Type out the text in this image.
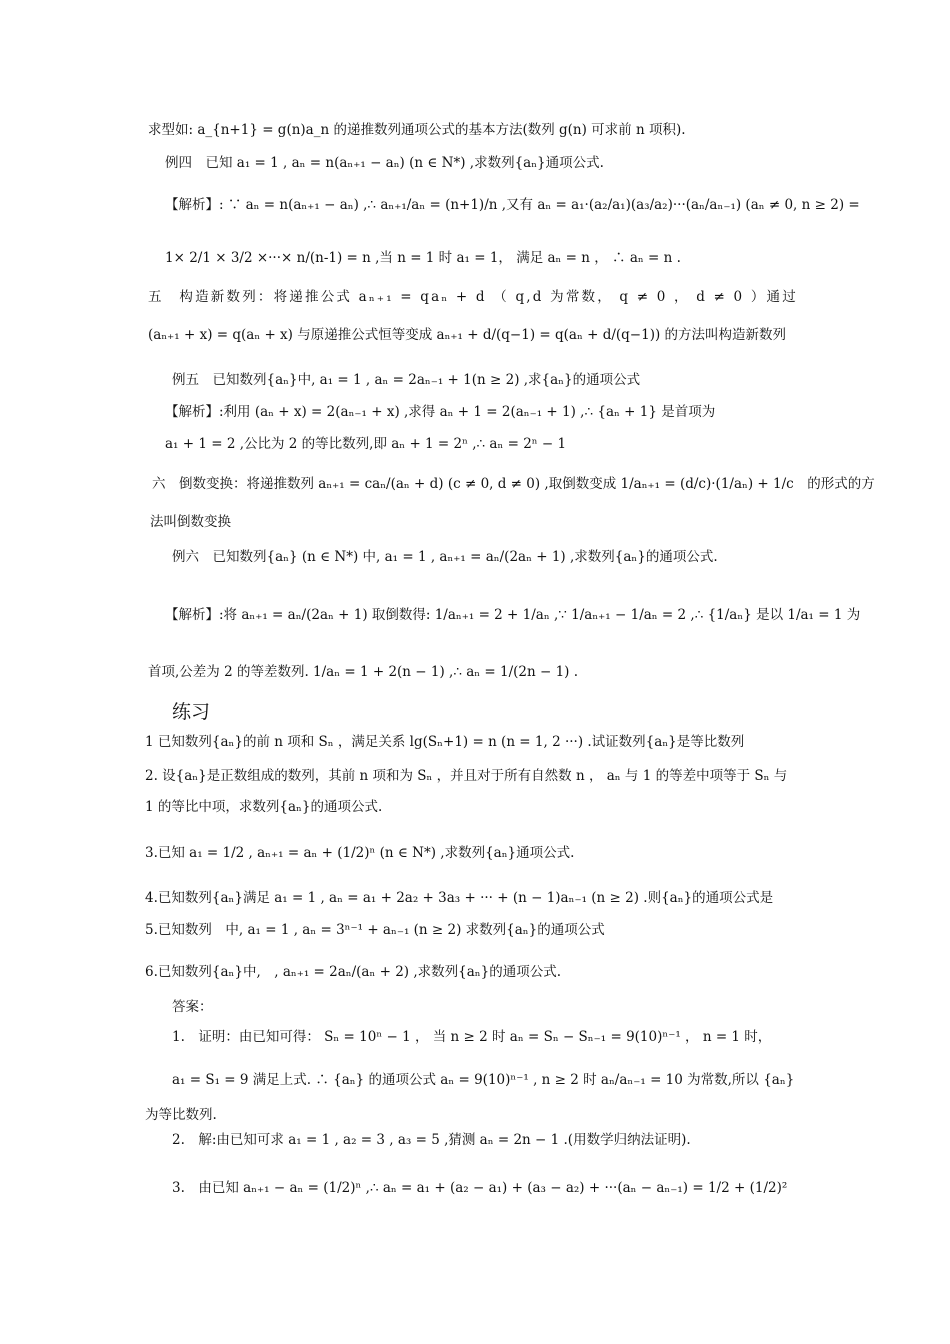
求型如: a_{n+1} = g(n)a_n 的递推数列通项公式的基本方法(数列 g(n) 可求前 n 项积).
例四　已知 a₁ = 1 , aₙ = n(aₙ₊₁ − aₙ) (n ∈ N*) ,求数列{aₙ}通项公式.
【解析】: ∵ aₙ = n(aₙ₊₁ − aₙ) ,∴ aₙ₊₁/aₙ = (n+1)/n ,又有 aₙ = a₁·(a₂/a₁)(a₃/a₂)···(aₙ/aₙ₋₁) (aₙ ≠ 0, n ≥ 2) =
1× 2/1 × 3/2 ×···× n/(n-1) = n ,当 n = 1 时 a₁ = 1， 满足 aₙ = n ， ∴ aₙ = n .
五　构造新数列：将递推公式 aₙ₊₁ = qaₙ + d （ q,d 为常数， q ≠ 0 ， d ≠ 0 ）通过
(aₙ₊₁ + x) = q(aₙ + x) 与原递推公式恒等变成 aₙ₊₁ + d/(q−1) = q(aₙ + d/(q−1)) 的方法叫构造新数列
例五　已知数列{aₙ}中, a₁ = 1 , aₙ = 2aₙ₋₁ + 1(n ≥ 2) ,求{aₙ}的通项公式
【解析】:利用 (aₙ + x) = 2(aₙ₋₁ + x) ,求得 aₙ + 1 = 2(aₙ₋₁ + 1) ,∴ {aₙ + 1} 是首项为
a₁ + 1 = 2 ,公比为 2 的等比数列,即 aₙ + 1 = 2ⁿ ,∴ aₙ = 2ⁿ − 1
六　倒数变换：将递推数列 aₙ₊₁ = caₙ/(aₙ + d) (c ≠ 0, d ≠ 0) ,取倒数变成 1/aₙ₊₁ = (d/c)·(1/aₙ) + 1/c　的形式的方
法叫倒数变换
例六　已知数列{aₙ} (n ∈ N*) 中, a₁ = 1 , aₙ₊₁ = aₙ/(2aₙ + 1) ,求数列{aₙ}的通项公式.
【解析】:将 aₙ₊₁ = aₙ/(2aₙ + 1) 取倒数得: 1/aₙ₊₁ = 2 + 1/aₙ ,∵ 1/aₙ₊₁ − 1/aₙ = 2 ,∴ {1/aₙ} 是以 1/a₁ = 1 为
首项,公差为 2 的等差数列. 1/aₙ = 1 + 2(n − 1) ,∴ aₙ = 1/(2n − 1) .
练习
1 已知数列{aₙ}的前 n 项和 Sₙ ，满足关系 lg(Sₙ+1) = n (n = 1, 2 ···) .试证数列{aₙ}是等比数列
2. 设{aₙ}是正数组成的数列，其前 n 项和为 Sₙ ，并且对于所有自然数 n ， aₙ 与 1 的等差中项等于 Sₙ 与
1 的等比中项，求数列{aₙ}的通项公式.
3.已知 a₁ = 1/2 , aₙ₊₁ = aₙ + (1/2)ⁿ (n ∈ N*) ,求数列{aₙ}通项公式.
4.已知数列{aₙ}满足 a₁ = 1 , aₙ = a₁ + 2a₂ + 3a₃ + ··· + (n − 1)aₙ₋₁ (n ≥ 2) .则{aₙ}的通项公式是
5.已知数列　中, a₁ = 1 , aₙ = 3ⁿ⁻¹ + aₙ₋₁ (n ≥ 2) 求数列{aₙ}的通项公式
6.已知数列{aₙ}中,　, aₙ₊₁ = 2aₙ/(aₙ + 2) ,求数列{aₙ}的通项公式.
答案：
1.　证明：由已知可得： Sₙ = 10ⁿ − 1 ， 当 n ≥ 2 时 aₙ = Sₙ − Sₙ₋₁ = 9(10)ⁿ⁻¹ ， n = 1 时，
a₁ = S₁ = 9 满足上式. ∴ {aₙ} 的通项公式 aₙ = 9(10)ⁿ⁻¹ , n ≥ 2 时 aₙ/aₙ₋₁ = 10 为常数,所以 {aₙ}
为等比数列.
2.　解:由已知可求 a₁ = 1 , a₂ = 3 , a₃ = 5 ,猜测 aₙ = 2n − 1 .(用数学归纳法证明).
3.　由已知 aₙ₊₁ − aₙ = (1/2)ⁿ ,∴ aₙ = a₁ + (a₂ − a₁) + (a₃ − a₂) + ···(aₙ − aₙ₋₁) = 1/2 + (1/2)²
